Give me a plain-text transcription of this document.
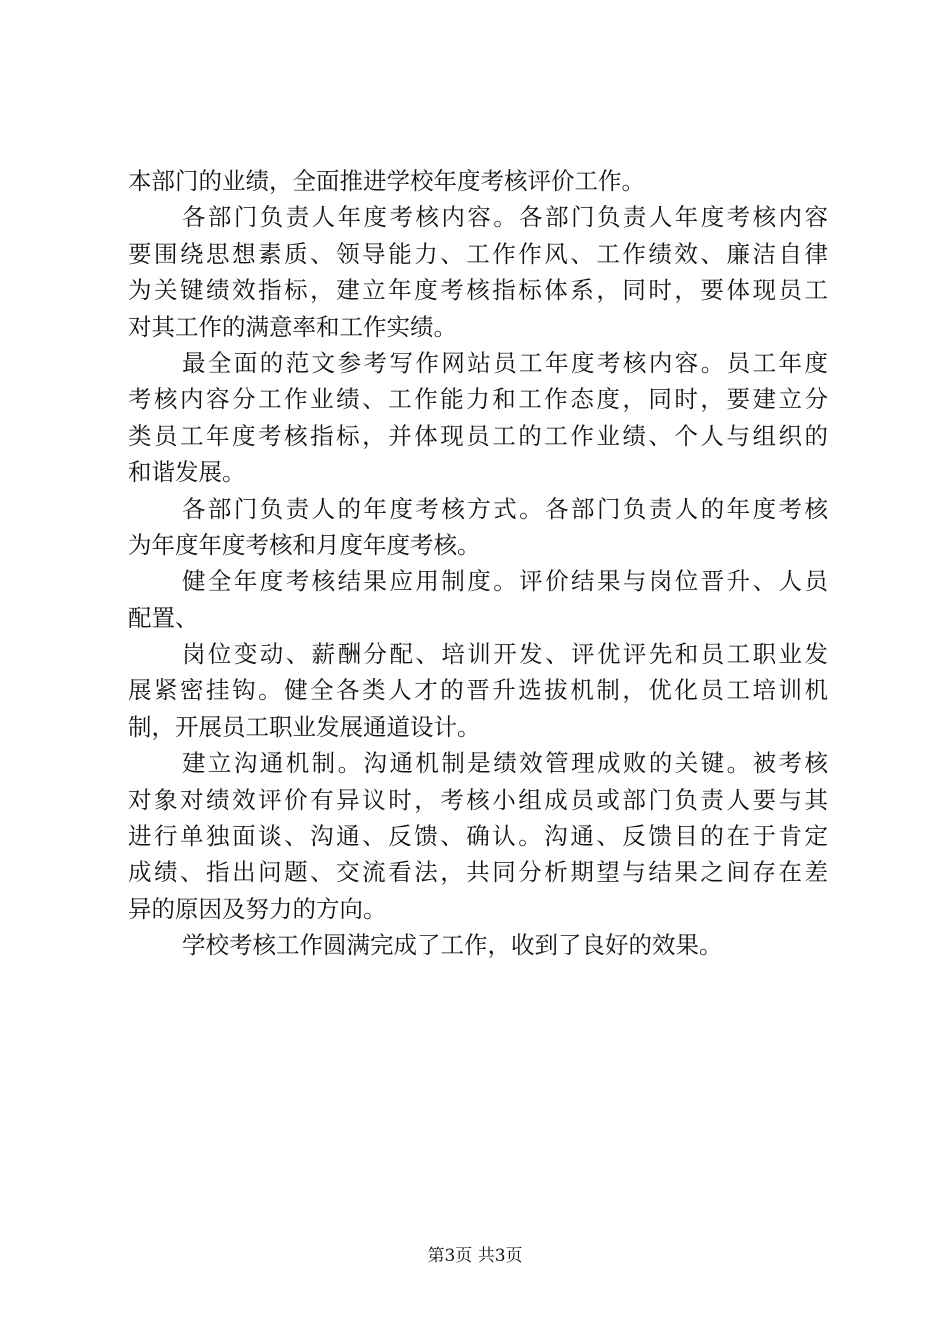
本部门的业绩，全面推进学校年度考核评价工作。
各部门负责人年度考核内容。各部门负责人年度考核内容
要围绕思想素质、领导能力、工作作风、工作绩效、廉洁自律
为关键绩效指标，建立年度考核指标体系，同时，要体现员工
对其工作的满意率和工作实绩。
最全面的范文参考写作网站员工年度考核内容。员工年度
考核内容分工作业绩、工作能力和工作态度，同时，要建立分
类员工年度考核指标，并体现员工的工作业绩、个人与组织的
和谐发展。
各部门负责人的年度考核方式。各部门负责人的年度考核
为年度年度考核和月度年度考核。
健全年度考核结果应用制度。评价结果与岗位晋升、人员
配置、
岗位变动、薪酬分配、培训开发、评优评先和员工职业发
展紧密挂钩。健全各类人才的晋升选拔机制，优化员工培训机
制，开展员工职业发展通道设计。
建立沟通机制。沟通机制是绩效管理成败的关键。被考核
对象对绩效评价有异议时，考核小组成员或部门负责人要与其
进行单独面谈、沟通、反馈、确认。沟通、反馈目的在于肯定
成绩、指出问题、交流看法，共同分析期望与结果之间存在差
异的原因及努力的方向。
学校考核工作圆满完成了工作，收到了良好的效果。
第3页 共3页
